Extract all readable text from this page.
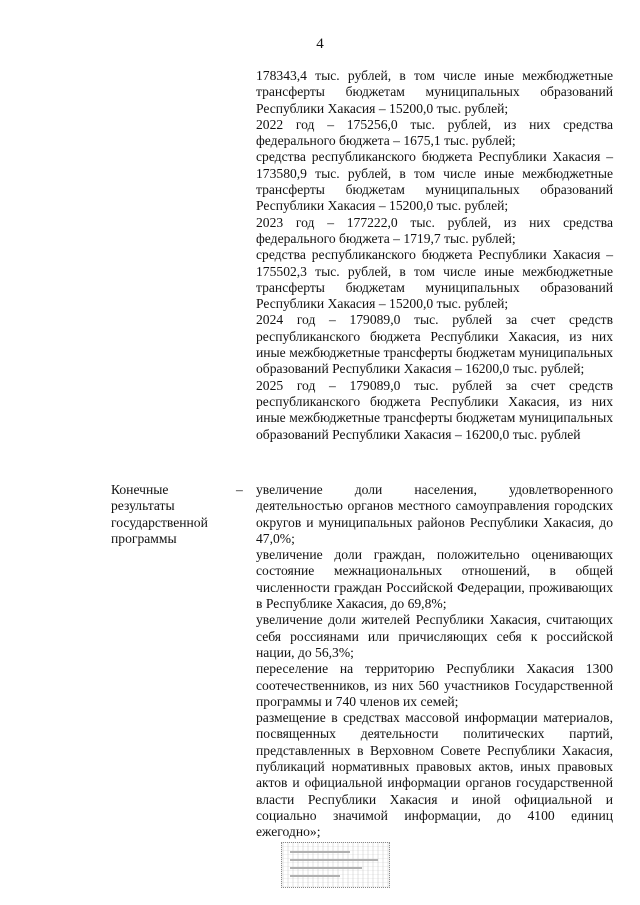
4

178343,4 тыс. рублей, в том числе иные межбюджетные трансферты бюджетам муниципальных образований Республики Хакасия – 15200,0 тыс. рублей;

2022 год – 175256,0 тыс. рублей, из них средства федерального бюджета – 1675,1 тыс. рублей;

средства республиканского бюджета Республики Хакасия – 173580,9 тыс. рублей, в том числе иные межбюджетные трансферты бюджетам муниципальных образований Республики Хакасия – 15200,0 тыс. рублей;

2023 год – 177222,0 тыс. рублей, из них средства федерального бюджета – 1719,7 тыс. рублей;

средства республиканского бюджета Республики Хакасия – 175502,3 тыс. рублей, в том числе иные межбюджетные трансферты бюджетам муниципальных образований Республики Хакасия – 15200,0 тыс. рублей;

2024 год – 179089,0 тыс. рублей за счет средств республиканского бюджета Республики Хакасия, из них иные межбюджетные трансферты бюджетам муниципальных образований Республики Хакасия – 16200,0 тыс. рублей;

2025 год – 179089,0 тыс. рублей за счет средств республиканского бюджета Республики Хакасия, из них иные межбюджетные трансферты бюджетам муниципальных образований Республики Хакасия – 16200,0 тыс. рублей

Конечные результаты государственной программы
– увеличение доли населения, удовлетворенного деятельностью органов местного самоуправления городских округов и муниципальных районов Республики Хакасия, до 47,0%;

увеличение доли граждан, положительно оценивающих состояние межнациональных отношений, в общей численности граждан Российской Федерации, проживающих в Республике Хакасия, до 69,8%;

увеличение доли жителей Республики Хакасия, считающих себя россиянами или причисляющих себя к российской нации, до 56,3%;

переселение на территорию Республики Хакасия 1300 соотечественников, из них 560 участников Государственной программы и 740 членов их семей;

размещение в средствах массовой информации материалов, посвященных деятельности политических партий, представленных в Верховном Совете Республики Хакасия, публикаций нормативных правовых актов, иных правовых актов и официальной информации органов государственной власти Республики Хакасия и иной официальной и социально значимой информации, до 4100 единиц ежегодно»;
